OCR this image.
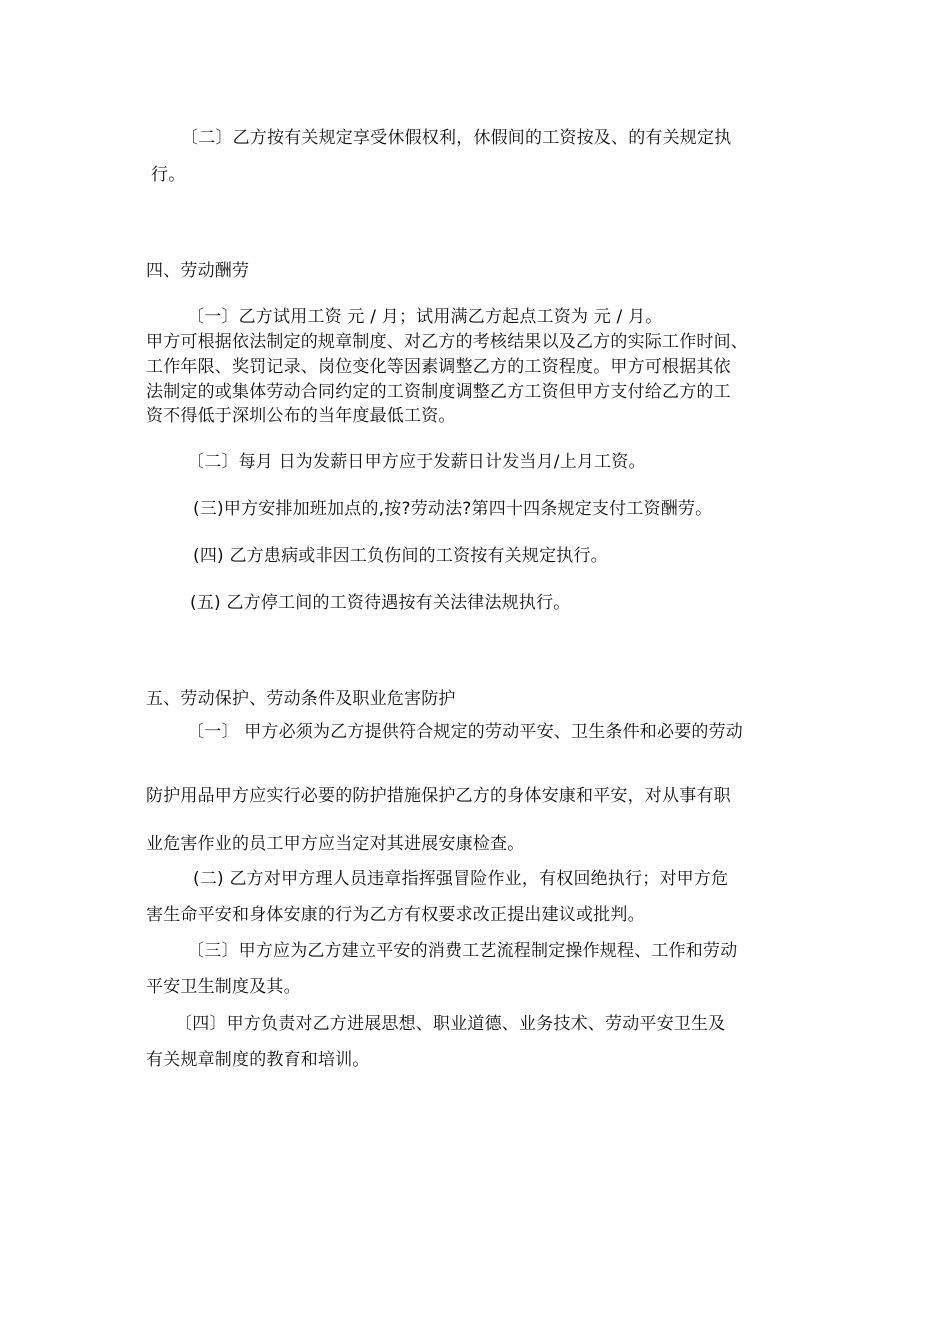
〔二〕乙方按有关规定享受休假权利，休假间的工资按及、的有关规定执
行。
四、劳动酬劳
〔一〕乙方试用工资 元 / 月；试用满乙方起点工资为 元 / 月。
甲方可根据依法制定的规章制度、对乙方的考核结果以及乙方的实际工作时间、
工作年限、奖罚记录、岗位变化等因素调整乙方的工资程度。甲方可根据其依
法制定的或集体劳动合同约定的工资制度调整乙方工资但甲方支付给乙方的工
资不得低于深圳公布的当年度最低工资。
〔二〕每月 日为发薪日甲方应于发薪日计发当月/上月工资。
(三)甲方安排加班加点的,按?劳动法?第四十四条规定支付工资酬劳。
(四) 乙方患病或非因工负伤间的工资按有关规定执行。
(五) 乙方停工间的工资待遇按有关法律法规执行。
五、劳动保护、劳动条件及职业危害防护
〔一〕 甲方必须为乙方提供符合规定的劳动平安、卫生条件和必要的劳动
防护用品甲方应实行必要的防护措施保护乙方的身体安康和平安，对从事有职
业危害作业的员工甲方应当定对其进展安康检查。
(二) 乙方对甲方理人员违章指挥强冒险作业，有权回绝执行；对甲方危
害生命平安和身体安康的行为乙方有权要求改正提出建议或批判。
〔三〕甲方应为乙方建立平安的消费工艺流程制定操作规程、工作和劳动
平安卫生制度及其。
〔四〕甲方负责对乙方进展思想、职业道德、业务技术、劳动平安卫生及
有关规章制度的教育和培训。
